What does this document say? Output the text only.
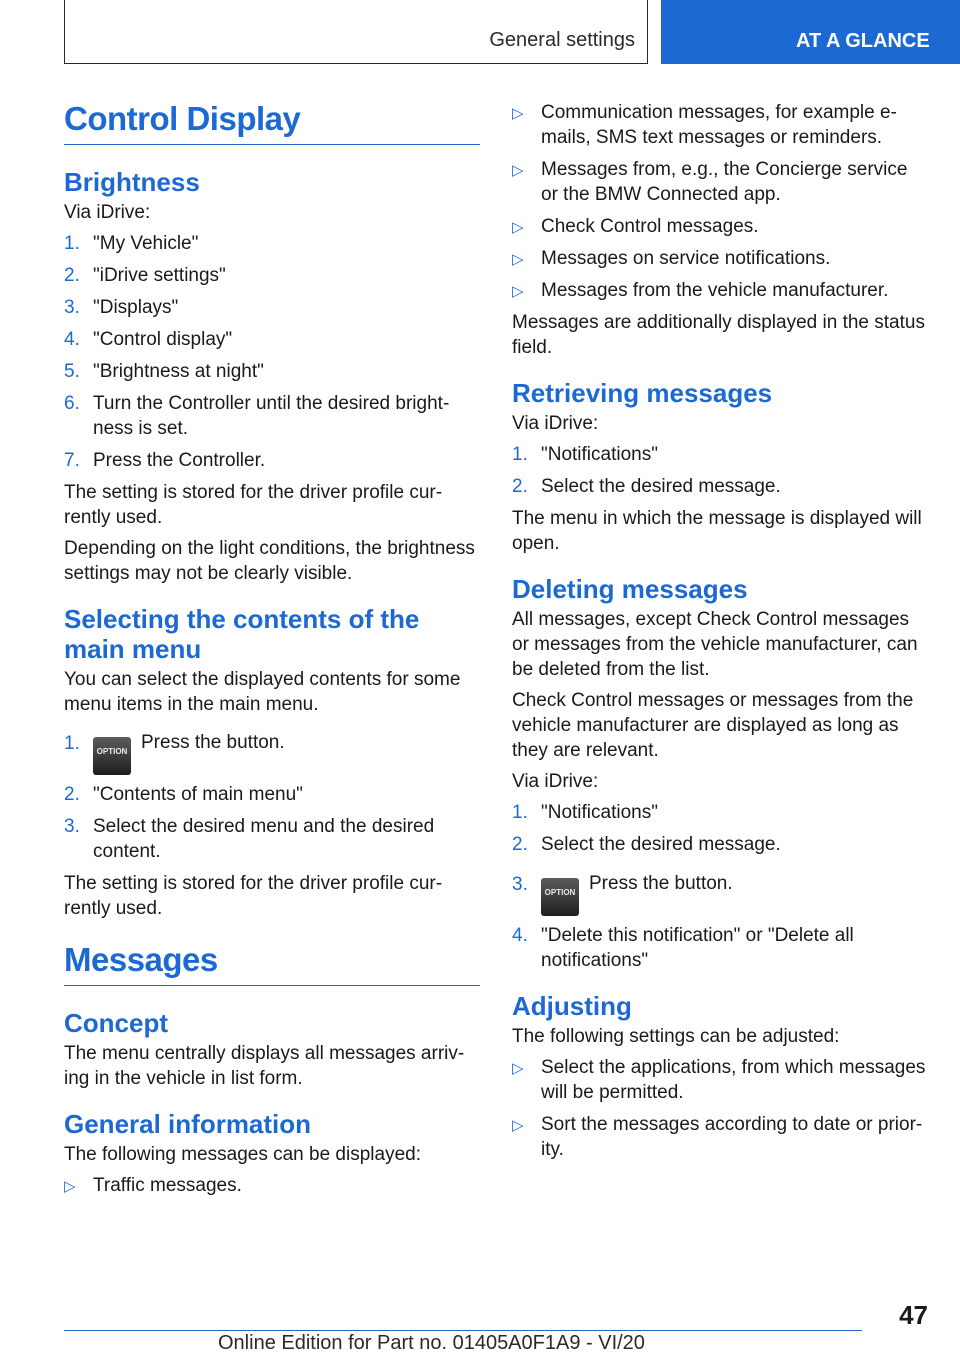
General settings	AT A GLANCE
Control Display
Brightness

Via iDrive:

1. "My Vehicle"
2. "iDrive settings"
3. "Displays"
4. "Control display"
5. "Brightness at night"
6. Turn the Controller until the desired brightness is set.
7. Press the Controller.

The setting is stored for the driver profile currently used.

Depending on the light conditions, the brightness settings may not be clearly visible.

Selecting the contents of the main menu

You can select the displayed contents for some menu items in the main menu.

1. OPTION Press the button.
2. "Contents of main menu"
3. Select the desired menu and the desired content.

The setting is stored for the driver profile currently used.

Messages
Concept

The menu centrally displays all messages arriving in the vehicle in list form.

General information

The following messages can be displayed:

▷ Traffic messages.
▷ Communication messages, for example e-mails, SMS text messages or reminders.
▷ Messages from, e.g., the Concierge service or the BMW Connected app.
▷ Check Control messages.
▷ Messages on service notifications.
▷ Messages from the vehicle manufacturer.

Messages are additionally displayed in the status field.

Retrieving messages

Via iDrive:

1. "Notifications"
2. Select the desired message.

The menu in which the message is displayed will open.

Deleting messages

All messages, except Check Control messages or messages from the vehicle manufacturer, can be deleted from the list.

Check Control messages or messages from the vehicle manufacturer are displayed as long as they are relevant.

Via iDrive:

1. "Notifications"
2. Select the desired message.
3. OPTION Press the button.
4. "Delete this notification" or "Delete all notifications"
Adjusting

The following settings can be adjusted:

▷ Select the applications, from which messages will be permitted.
▷ Sort the messages according to date or priority.
47
Online Edition for Part no. 01405A0F1A9 - VI/20
